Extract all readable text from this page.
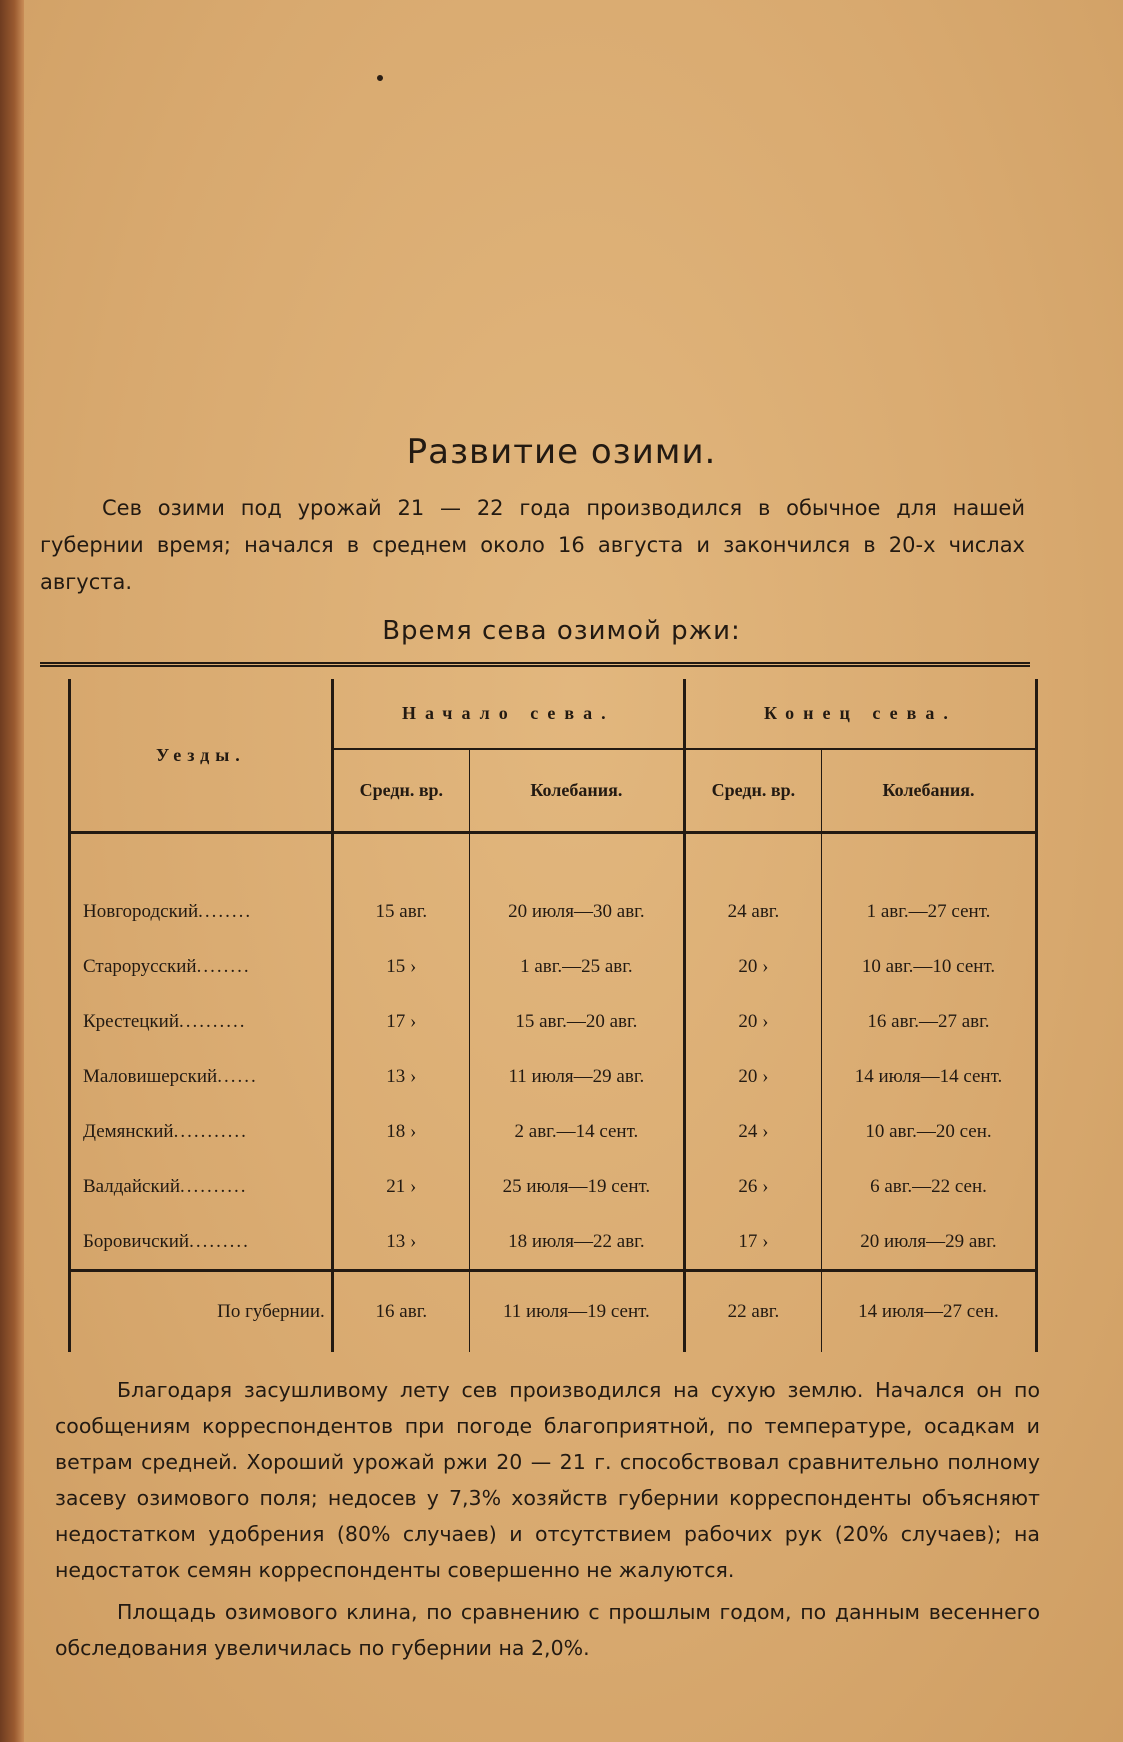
Развитие озими.
Сев озими под урожай 21 — 22 года производился в обычное для нашей губернии время; начался в среднем около 16 августа и закончился в 20-х числах августа.
Время сева озимой ржи:
Уезды.	Начало сева.		Конец сева.	
	Средн. вр.	Колебания.	Средн. вр.	Колебания.

Новгородский........	15 авг.	20 июля—30 авг.	24 авг.	1 авг.—27 сент.
Старорусский........	15 ›	1 авг.—25 авг.	20 ›	10 авг.—10 сент.
Крестецкий..........	17 ›	15 авг.—20 авг.	20 ›	16 авг.—27 авг.
Маловишерский......	13 ›	11 июля—29 авг.	20 ›	14 июля—14 сент.
Демянский...........	18 ›	2 авг.—14 сент.	24 ›	10 авг.—20 сен.
Валдайский..........	21 ›	25 июля—19 сент.	26 ›	6 авг.—22 сен.
Боровичский.........	13 ›	18 июля—22 авг.	17 ›	20 июля—29 авг.
По губернии.	16 авг.	11 июля—19 сент.	22 авг.	14 июля—27 сен.
Благодаря засушливому лету сев производился на сухую землю. Начался он по сообщениям корреспондентов при погоде благоприятной, по температуре, осадкам и ветрам средней. Хороший урожай ржи 20 — 21 г. способствовал сравнительно полному засеву озимового поля; недосев у 7,3% хозяйств губернии корреспонденты объясняют недостатком удобрения (80% случаев) и отсутствием рабочих рук (20% случаев); на недостаток семян корреспонденты совершенно не жалуются.
Площадь озимового клина, по сравнению с прошлым годом, по данным весеннего обследования увеличилась по губернии на 2,0%.
